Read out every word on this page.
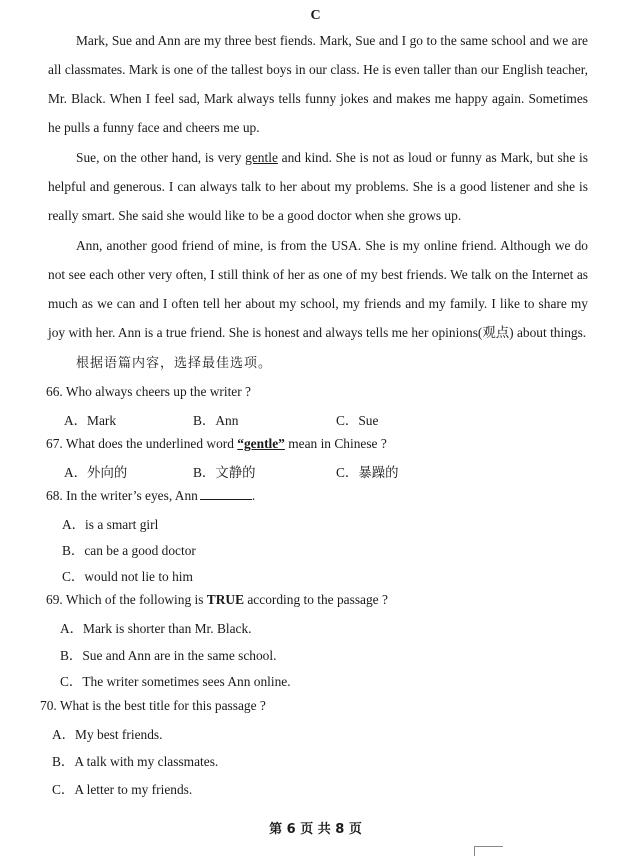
C

Mark, Sue and Ann are my three best fiends. Mark, Sue and I go to the same school and we are all classmates. Mark is one of the tallest boys in our class. He is even taller than our English teacher, Mr. Black. When I feel sad, Mark always tells funny jokes and makes me happy again. Sometimes he pulls a funny face and cheers me up.

Sue, on the other hand, is very gentle and kind. She is not as loud or funny as Mark, but she is helpful and generous. I can always talk to her about my problems. She is a good listener and she is really smart. She said she would like to be a good doctor when she grows up.

Ann, another good friend of mine, is from the USA. She is my online friend. Although we do not see each other very often, I still think of her as one of my best friends. We talk on the Internet as much as we can and I often tell her about my school, my friends and my family. I like to share my joy with her. Ann is a true friend. She is honest and always tells me her opinions(观点) about things.

根据语篇内容，选择最佳选项。
66. Who always cheers up the writer ?
A．Mark	B．Ann	C．Sue
67. What does the underlined word “gentle” mean in Chinese ?
A．外向的	B．文静的	C．暴躁的
68. In the writer’s eyes, Ann	.
A．is a smart girl
B．can be a good doctor
C．would not lie to him
69. Which of the following is TRUE according to the passage ?
A．Mark is shorter than Mr. Black.
B．Sue and Ann are in the same school.
C．The writer sometimes sees Ann online.
70. What is the best title for this passage ?
A．My best friends.
B．A talk with my classmates.
C．A letter to my friends.
第 6 页 共 8 页
